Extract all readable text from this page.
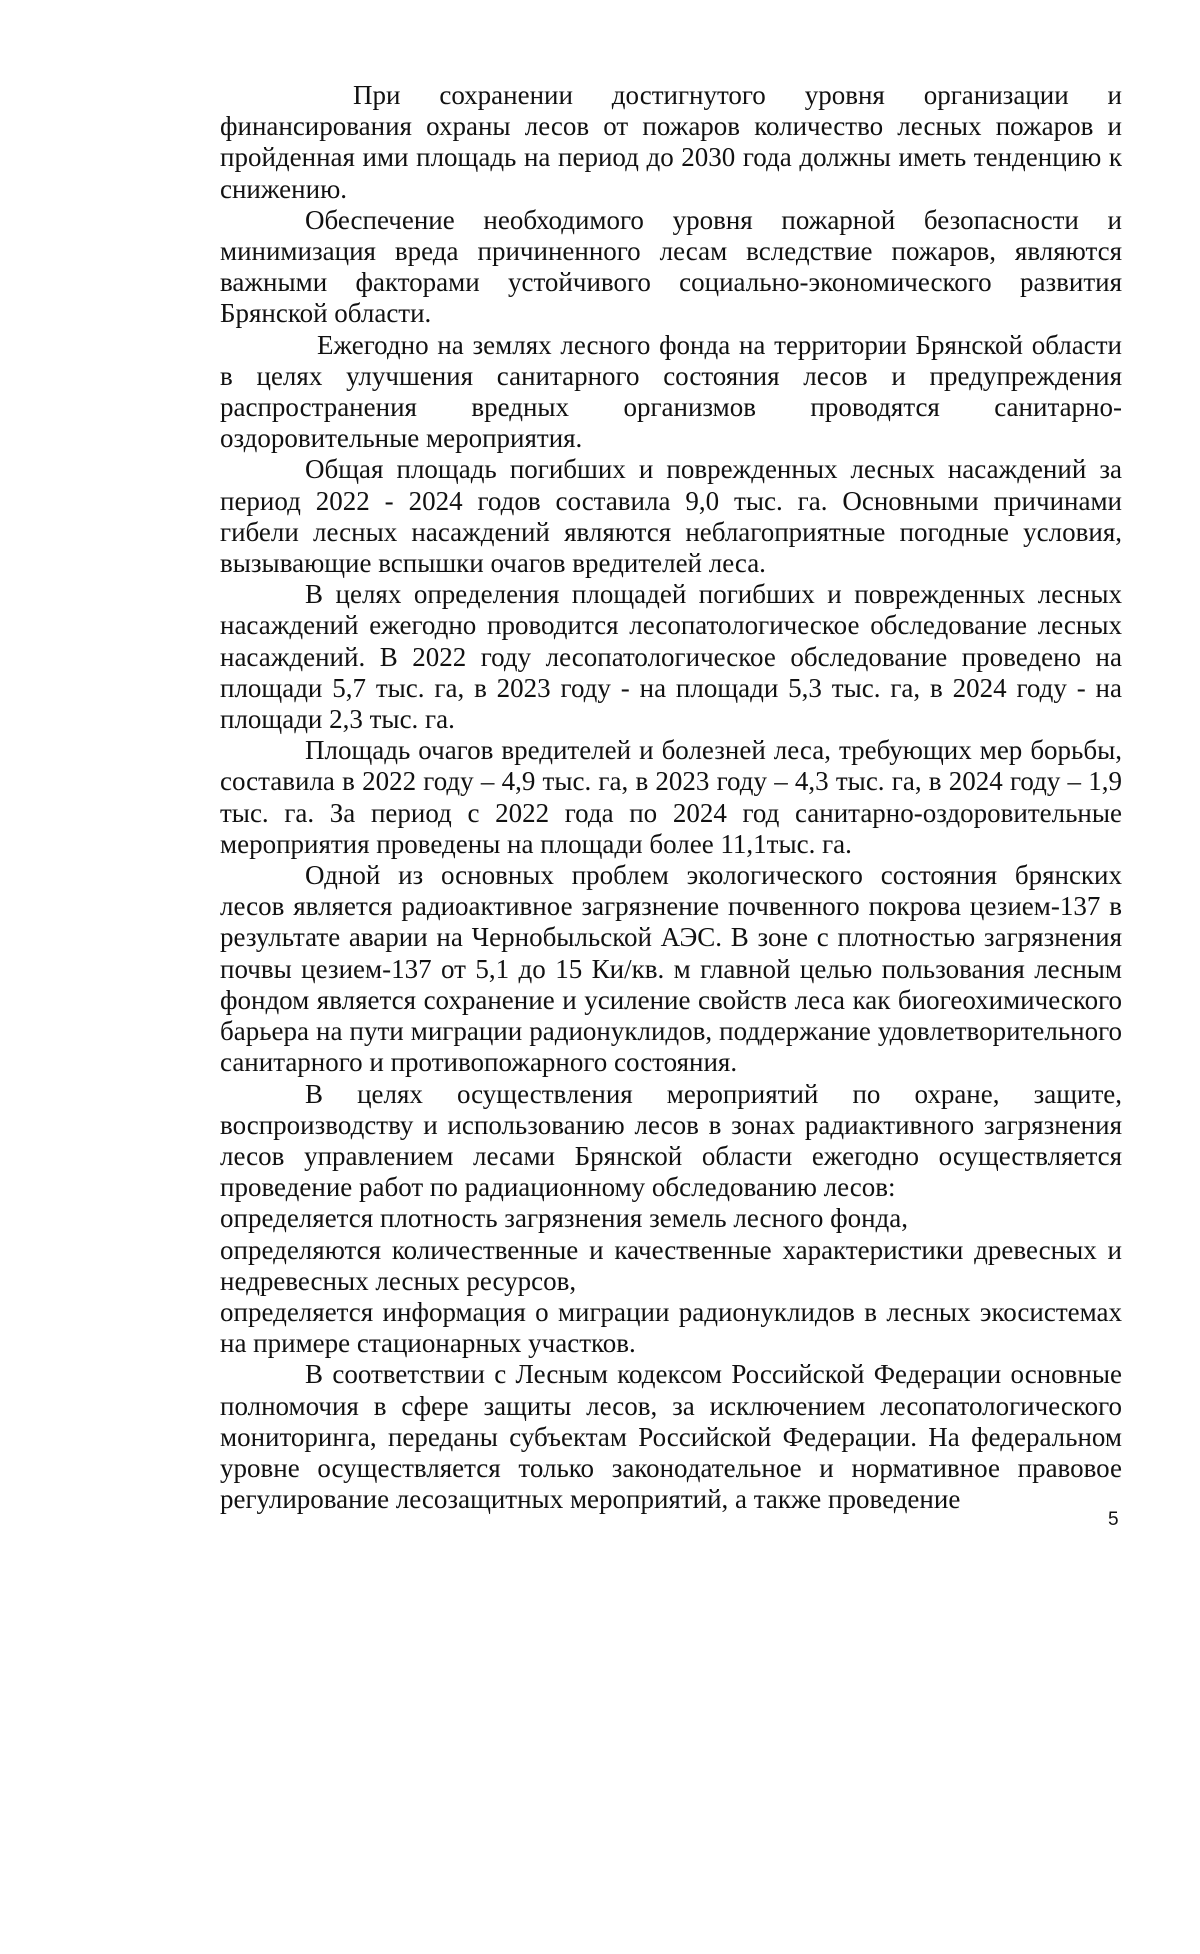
При сохранении достигнутого уровня организации и финансирования охраны лесов от пожаров количество лесных пожаров и пройденная ими площадь на период до 2030 года должны иметь тенденцию к снижению.

Обеспечение необходимого уровня пожарной безопасности и минимизация вреда причиненного лесам вследствие пожаров, являются важными факторами устойчивого социально-экономического развития Брянской области.

Ежегодно на землях лесного фонда на территории Брянской области в целях улучшения санитарного состояния лесов и предупреждения распространения вредных организмов проводятся санитарно-оздоровительные мероприятия.

Общая площадь погибших и поврежденных лесных насаждений за период 2022 - 2024 годов составила 9,0 тыс. га. Основными причинами гибели лесных насаждений являются неблагоприятные погодные условия, вызывающие вспышки очагов вредителей леса.

В целях определения площадей погибших и поврежденных лесных насаждений ежегодно проводится лесопатологическое обследование лесных насаждений. В 2022 году лесопатологическое обследование проведено на площади 5,7 тыс. га, в 2023 году - на площади 5,3 тыс. га, в 2024 году - на площади 2,3 тыс. га.

Площадь очагов вредителей и болезней леса, требующих мер борьбы, составила в 2022 году – 4,9 тыс. га, в 2023 году – 4,3 тыс. га, в 2024 году – 1,9 тыс. га. За период с 2022 года по 2024 год санитарно-оздоровительные мероприятия проведены на площади более 11,1тыс. га.

Одной из основных проблем экологического состояния брянских лесов является радиоактивное загрязнение почвенного покрова цезием-137 в результате аварии на Чернобыльской АЭС. В зоне с плотностью загрязнения почвы цезием-137 от 5,1 до 15 Ки/кв. м главной целью пользования лесным фондом является сохранение и усиление свойств леса как биогеохимического барьера на пути миграции радионуклидов, поддержание удовлетворительного санитарного и противопожарного состояния.

В целях осуществления мероприятий по охране, защите, воспроизводству и использованию лесов в зонах радиактивного загрязнения лесов управлением лесами Брянской области ежегодно осуществляется проведение работ по радиационному обследованию лесов:

определяется плотность загрязнения земель лесного фонда,

определяются количественные и качественные характеристики древесных и недревесных лесных ресурсов,

определяется информация о миграции радионуклидов в лесных экосистемах на примере стационарных участков.

В соответствии с Лесным кодексом Российской Федерации основные полномочия в сфере защиты лесов, за исключением лесопатологического мониторинга, переданы субъектам Российской Федерации. На федеральном уровне осуществляется только законодательное и нормативное правовое регулирование лесозащитных мероприятий, а также проведение

5
